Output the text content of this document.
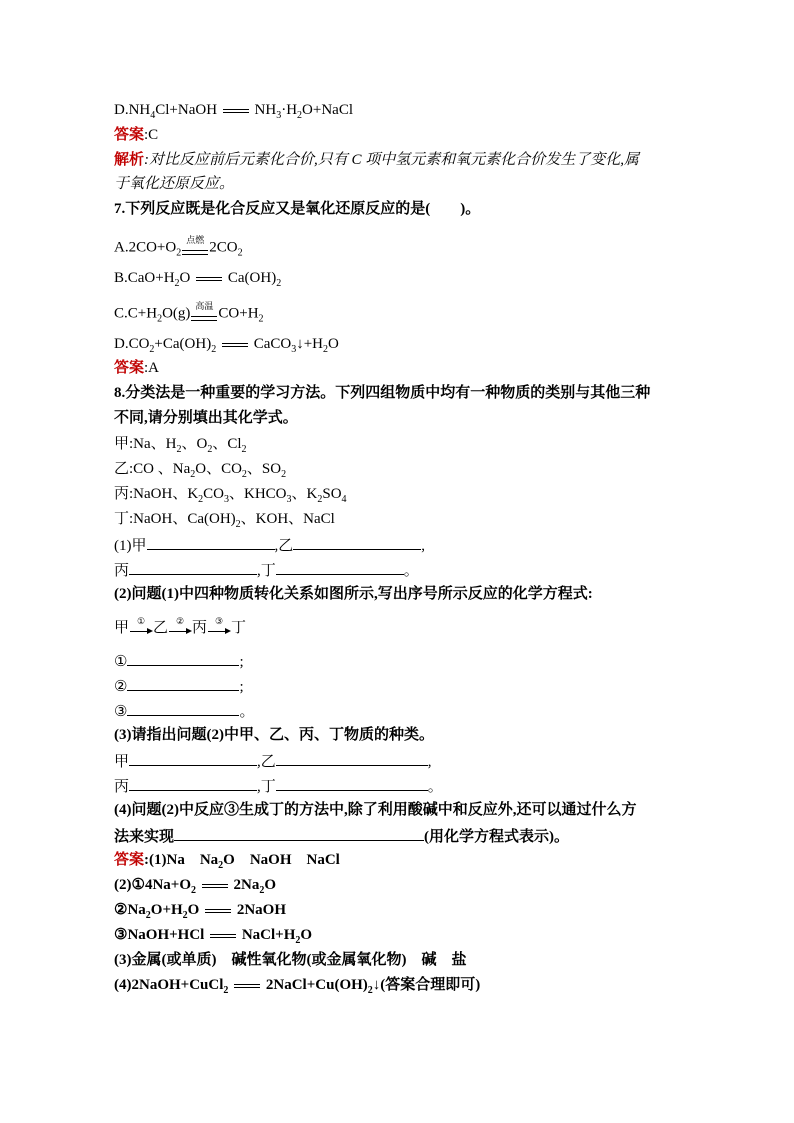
$D.NH_4Cl+NaOH$	$NH_3\cdot H_2O+NaCl$
答案:C
解析:对比反应前后元素化合价,只有 C 项中氢元素和氧元素化合价发生了变化,属
于氧化还原反应。
7.下列反应既是化合反应又是氧化还原反应的是(　　)。
$A.2CO+O_2$
点燃 $2CO_2$
$B.CaO+H_2O$	$Ca(OH)_2$
$C.C+H_2O(g)$ 高温 $CO+H_2$
$D.CO_2+Ca(OH)_2$	$CaCO_3↓+H_2O$
答案:A
8.分类法是一种重要的学习方法。下列四组物质中均有一种物质的类别与其他三种
不同,请分别填出其化学式。
甲:Na、$H_2$、$O_2$、$Cl_2$
乙:CO 、$Na_2O$、$CO_2$、$SO_2$
丙:NaOH、$K_2CO_3$、$KHCO_3$、$K_2SO_4$
丁:NaOH、$Ca(OH)_2$、KOH、NaCl
(1)甲	,乙	,
丙	,丁	。
(2)问题(1)中四种物质转化关系如图所示,写出序号所示反应的化学方程式:
甲 ① 乙 ② 丙 ③ 丁
①	;
②	;
③	。
(3)请指出问题(2)中甲、乙、丙、丁物质的种类。
甲	,乙	,
丙	,丁	。
(4)问题(2)中反应③生成丁的方法中,除了利用酸碱中和反应外,还可以通过什么方
法来实现	(用化学方程式表示)。
答案:(1)Na　$Na_2O$　NaOH　NaCl
$(2)①4Na+O_2$	$2Na_2O$
$②Na_2O+H_2O$	2NaOH
③NaOH+HCl	$NaCl+H_2O$
(3)金属(或单质)　碱性氧化物(或金属氧化物)　碱　盐
(4)2NaOH+CuCl$_2$	$2NaCl+Cu(OH)_2↓$(答案合理即可)
